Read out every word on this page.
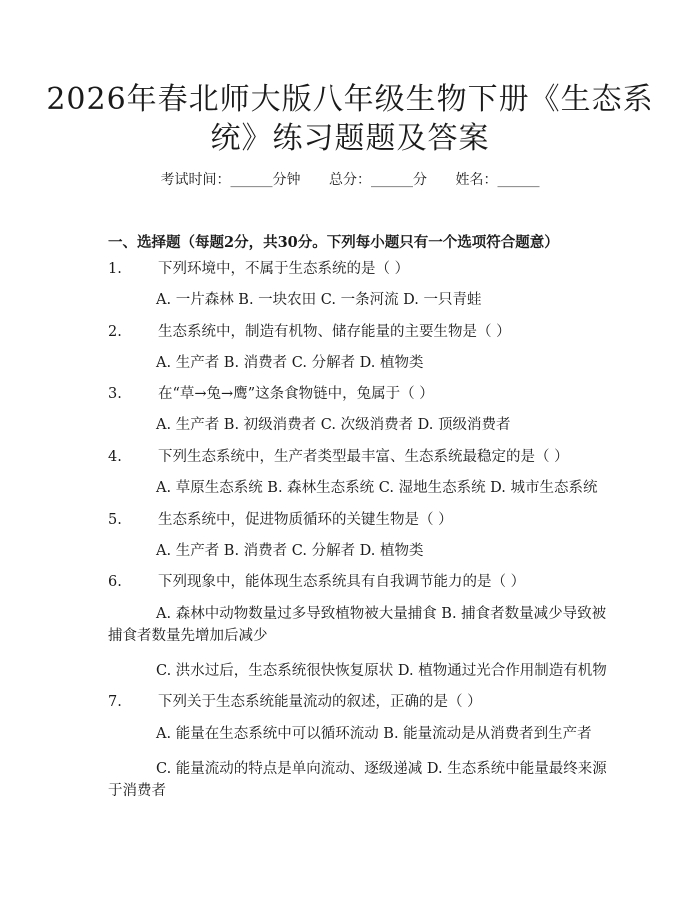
2026年春北师大版八年级生物下册《生态系统》练习题题及答案
考试时间：______分钟 总分：______分 姓名：______
一、选择题（每题2分，共30分。下列每小题只有一个选项符合题意）
1. 下列环境中，不属于生态系统的是（ ）
A. 一片森林 B. 一块农田 C. 一条河流 D. 一只青蛙
2. 生态系统中，制造有机物、储存能量的主要生物是（ ）
A. 生产者 B. 消费者 C. 分解者 D. 植物类
3. 在“草→兔→鹰”这条食物链中，兔属于（ ）
A. 生产者 B. 初级消费者 C. 次级消费者 D. 顶级消费者
4. 下列生态系统中，生产者类型最丰富、生态系统最稳定的是（ ）
A. 草原生态系统 B. 森林生态系统 C. 湿地生态系统 D. 城市生态系统
5. 生态系统中，促进物质循环的关键生物是（ ）
A. 生产者 B. 消费者 C. 分解者 D. 植物类
6. 下列现象中，能体现生态系统具有自我调节能力的是（ ）
A. 森林中动物数量过多导致植物被大量捕食 B. 捕食者数量减少导致被捕食者数量先增加后减少
C. 洪水过后，生态系统很快恢复原状 D. 植物通过光合作用制造有机物
7. 下列关于生态系统能量流动的叙述，正确的是（ ）
A. 能量在生态系统中可以循环流动 B. 能量流动是从消费者到生产者
C. 能量流动的特点是单向流动、逐级递减 D. 生态系统中能量最终来源于消费者
